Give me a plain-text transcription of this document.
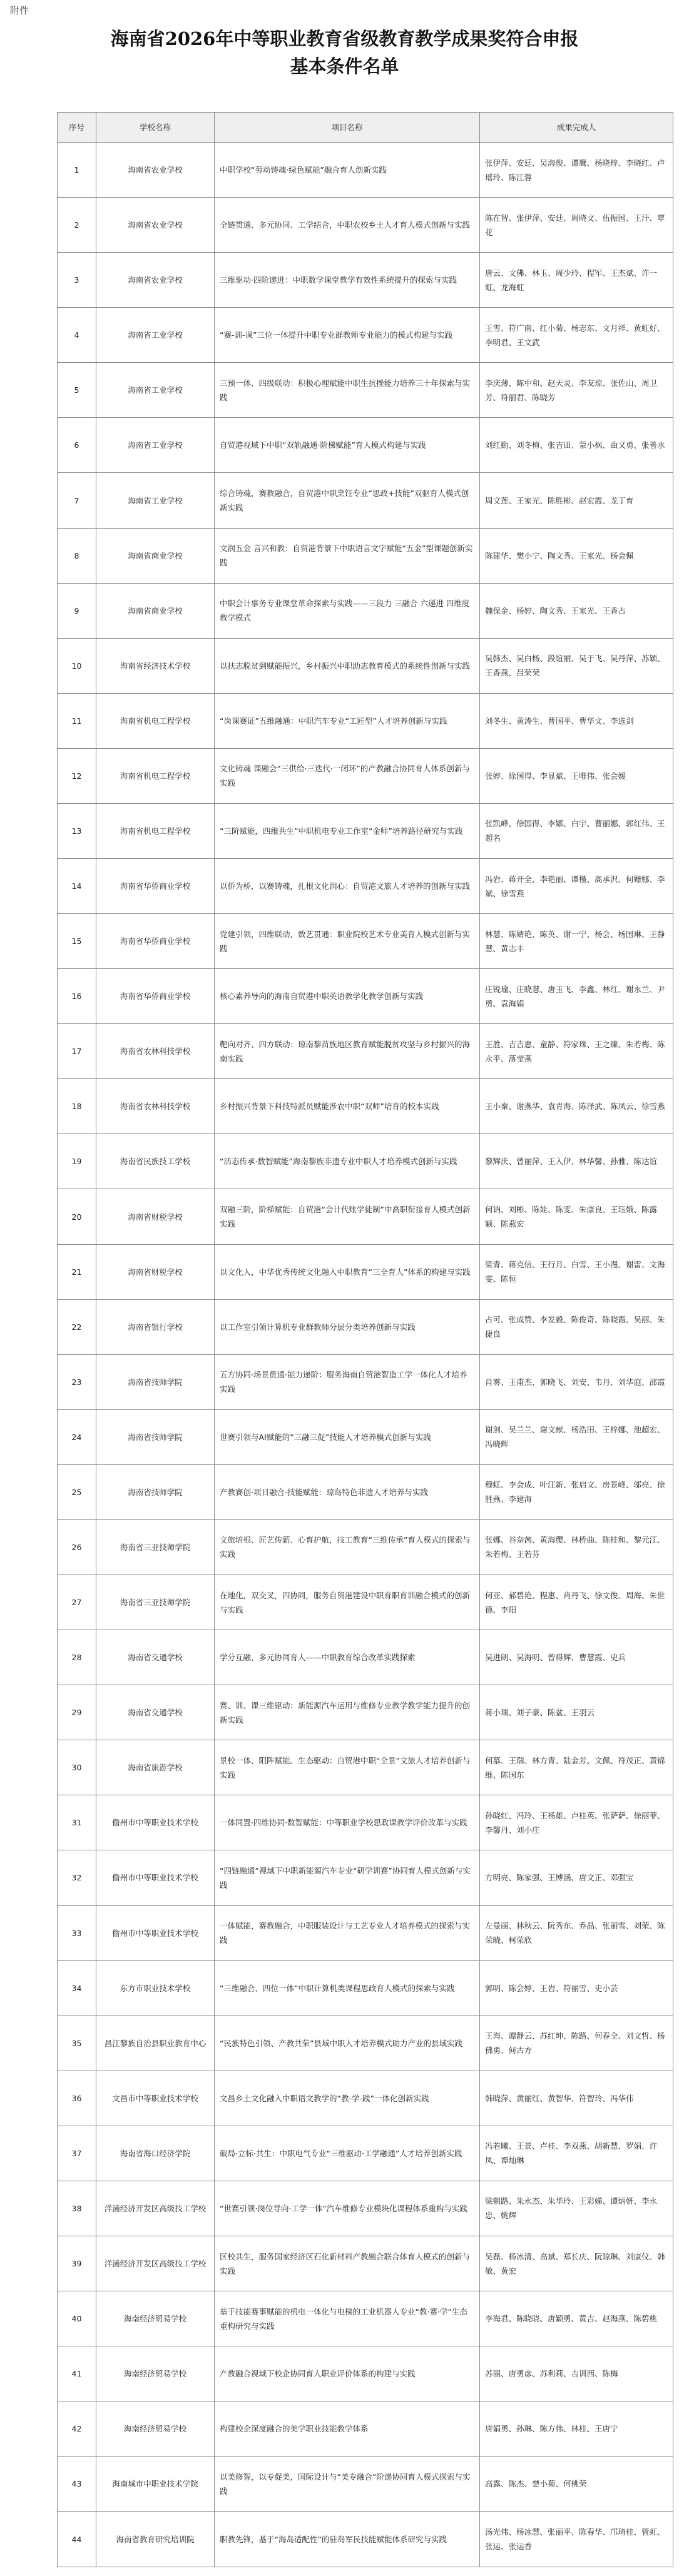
附件
海南省2026年中等职业教育省级教育教学成果奖符合申报
基本条件名单
序号	学校名称	项目名称	成果完成人
1	海南省农业学校	中职学校“劳动铸魂·绿色赋能”融合育人创新实践	张伊萍、安廷、吴海俊、谭鹰、杨晓梓、李晓红、卢瑶玲、陈江蓉
2	海南省农业学校	全链贯通、多元协同、工学结合，中职农校乡土人才育人模式创新与实践	陈在智、张伊萍、安廷、周晓文、伍振国、王汗、覃花
3	海南省农业学校	三维驱动·四阶递进：中职数学课堂教学有效性系统提升的探索与实践	唐云、文佛、林玉、周少玲、程军、王杰斌、许一虹、龙海虹
4	海南省工业学校	“赛-训-课”三位一体提升中职专业群教师专业能力的模式构建与实践	王雪、符广南、红小菊、杨志东、文月祥、黄虹好、李明君、王文武
5	海南省工业学校	三预一体、四级联动：积极心理赋能中职生抗挫能力培养三十年探索与实践	李庆薄、陈中和、赵天灵、李友琼、张佐山、周卫芳、符丽君、陈晓芳
6	海南省工业学校	自贸港视域下中职“双轨融通·阶梯赋能”育人模式构建与实践	刘红勤、刘冬梅、张吉田、蒙小枫、曲又勇、张善水
7	海南省工业学校	综合铸魂，赛教融合，自贸港中职烹饪专业“思政+技能”双驱育人模式创新实践	周文莲、王家光、陈胜彬、赵宏霞、龙丁育
8	海南省商业学校	文润五金 言兴和教：自贸港背景下中职语言文字赋能“五金”型课题创新实践	陈建华、樊小宁、陶文秀、王家光、杨会佩
9	海南省商业学校	中职会计事务专业课堂革命探索与实践——三段力 三融合 六递进 四维度教学模式	魏保金、杨婷、陶文秀、王家光、王香古
10	海南省经济技术学校	以扶志脱贫到赋能振兴，乡村振兴中职助志教育模式的系统性创新与实践	吴韩杰、吴白杨、段谊丽、吴于飞、吴丹萍、苏颖、王香燕、吕荣荣
11	海南省机电工程学校	“岗课赛证”五维融通：中职汽车专业“工匠型”人才培养创新与实践	刘冬生、黄涛生、曹国平、曹华文、李选剑
12	海南省机电工程学校	文化铸魂 课融会“三供给·三迭代·一闭环”的产教融合协同育人体系创新与实践	张婷、徐国得、李显斌、王唯伟、张会媛
13	海南省机电工程学校	“三阶赋能，四维共生”中职机电专业工作室“金师”培养路径研究与实践	张凯峰、徐国得、李娜、白宇、曹丽娜、郭红伟、王超名
14	海南省华侨商业学校	以侨为桥，以赛铸魂，扎根文化润心：自贸港文旅人才培养的创新与实践	冯岩、蒋开全、李艳丽、谭槿、高承沢、何姗娜、李斌、徐雪燕
15	海南省华侨商业学校	党建引领，四维联动，数艺贯通：职业院校艺术专业美育人模式创新与实践	林慧、陈婧艳、陈英、谢一宁、杨会、杨国琳、王静慧、黄志丰
16	海南省华侨商业学校	核心素养导向的海南自贸港中职英语教学化教学创新与实践	庄锐瑜、庄晓慧、唐玉飞、李鑫、林红、谢永兰、尹勇、袁海娟
17	海南省农林科技学校	靶向对齐、四方联动：琼南黎苗族地区教育赋能脱贫攻坚与乡村振兴的海南实践	王胜、吉吉惠、童静、符家珠、王之臻、朱若梅、陈永平、落莹燕
18	海南省农林科技学校	乡村振兴背景下科技特派员赋能涉农中职“双师”培育的校本实践	王小秦、谢燕华、袁青海、陈泽武、陈凤云、徐雪燕
19	海南省民族技工学校	“活态传承·数智赋能”海南黎族非遗专业中职人才培养模式创新与实践	黎辉庆、曾丽萍、王入伊、林华馨、孙雅、陈达谊
20	海南省财税学校	双融三阶，阶梯赋能：自贸港“会计代账学徒制”中高职衔接育人模式创新实践	何讷、刘彬、陈娃、陈雯、朱康良、王珏娥、陈露颖、陈燕宏
21	海南省财税学校	以文化人，中华优秀传统文化融入中职教育“三全育人”体系的构建与实践	梁青、蒋克信、王行月、白雪、王小漫、谢雷、文海雯、陈恒
22	海南省银行学校	以工作室引领计算机专业群教师分层分类培养创新与实践	占可、张成赞、李发毅、陈俊奇、陈晓霞、吴丽、朱捷良
23	海南省技师学院	五方协同·场景贯通·能力递阶：服务海南自贸港智造工学一体化人才培养实践	肖雾、王甫杰、郭晓飞、刘安、韦丹、刘华庭、邵霞
24	海南省技师学院	世赛引领与AI赋能的“三融三促”技能人才培养模式创新与实践	谢剑、吴兰兰、谢文献、杨浩田、王梓娜、池超宏、冯晓辉
25	海南省技师学院	产教赛创·项目融合·技能赋能：琼岛特色非遗人才培养与实践	穆虹、李会成、叶江新、张启文、房景峰、邬亮、徐胜燕、李建海
26	海南省三亚技师学院	文旅培根、匠艺传薪、心育护航，技工教育“三维传承”育人模式的探索与实践	张娜、谷奈茜、黄海缨、林桥曲、陈桂和、黎元江、朱若梅、王若芬
27	海南省三亚技师学院	在地化，双交叉，四协同，服务自贸港建设中职育职育训融合模式的创新与实践	何亚、郝碧艳、程惠、肖丹飞、徐文俊、周海、朱世德、李阳
28	海南省交通学校	学分互融，多元协同育人——中职教育综合改革实践探索	吴进朗、吴海明、曾得辉、曹慧霞、史兵
29	海南省交通学校	赛、训、课三维驱动：新能源汽车运用与维修专业教学教学能力提升的创新实践	蒋小瑞、刘子豪、陈盆、王羽云
30	海南省旅游学校	景校一体、阳阵赋能、生态驱动：自贸港中职“全景”文旅人才培养创新与实践	何慕、王瑞、林方青、陆金芳、文佩、符茂正、黄锦维、陈国东
31	儋州市中等职业技术学校	一体同置·四维协同·数智赋能：中等职业学校思政课教学评价改革与实践	孙晓红、冯玲、王杨雄、卢桂英、张萨萨、徐丽菲、李馨丹、刘小庄
32	儋州市中等职业技术学校	“四链融通”视域下中职新能源汽车专业“研学训赛”协同育人模式创新与实践	方明亮、陈家强、王博涵、唐文正、邓强宝
33	儋州市中等职业技术学校	一体赋能，赛教融合，中职服装设计与工艺专业人才培养模式的探索与实践	左曼丽、林秋云、阮秀东、乔晶、张丽雪、刘荣、陈荣晓、柯荣欣
34	东方市职业技术学校	“三维融合、四位一体”中职计算机类课程思政育人模式的探索与实践	郭明、陈会婷、王岩、符丽雪、史小芸
35	昌江黎族自治县职业教育中心	“民族特色引领、产教共荣”县域中职人才培养模式助力产业的县域实践	王海、谭静云、苏红坤、陈路、何春全、刘文哲、杨佛勇、何古方
36	文昌市中等职业技术学校	文昌乡土文化融入中职语文教学的“教-学-践”一体化创新实践	韩晓萍、黄丽红、黄智华、符智玲、冯华伟
37	海南省海口经济学院	破局·立标·共生：中职电气专业“三维驱动·工学融通”人才培养创新实践	冯若曦、王景、卢桂、李双燕、胡新慧、罗娟、许凤、谭灿琳
38	洋浦经济开发区高级技工学校	“世赛引领·岗位导向·工学一体”汽车维修专业模块化课程体系重构与实践	梁朝路、朱永杰、朱华玲、王彩娣、谭炳妍、李永忠、姚辉
39	洋浦经济开发区高级技工学校	区校共生，服务国家经济区石化新材料产教融合联合体育人模式的创新与实践	吴磊、杨冰清、高斌、郑长庆、阮琼琳、刘康仪、韩敏、黄宏
40	海南经济贸易学校	基于技能赛事赋能的机电一体化与电梯的工业机器人专业“教·赛·学”生态重构研究与实践	李海君、陈晓晓、唐颖勇、黄吉、赵海燕、陈碧桃
41	海南经济贸易学校	产教融合视域下校企协同育人职业评价体系的构建与实践	苏丽、唐勇彦、苏利莉、吉训西、陈梅
42	海南经济贸易学校	构建校企深度融合的美学职业技能教学体系	唐娟勇、孙琳、陈方伟、林桂、王唐宁
43	海南城市中职业技术学院	以美修智，以专促美，国际设计与“美专融合”阶递协同育人模式探索与实践	高露、陈杰、楚小菊、何桃荣
44	海南省教育研究培训院	职教先锋，基于“海岛适配性”的驻岛军民技能赋能体系研究与实践	汤光伟、杨冰慧、张丽平、陈春华、邝琦桂、管虹、张运、张运香
